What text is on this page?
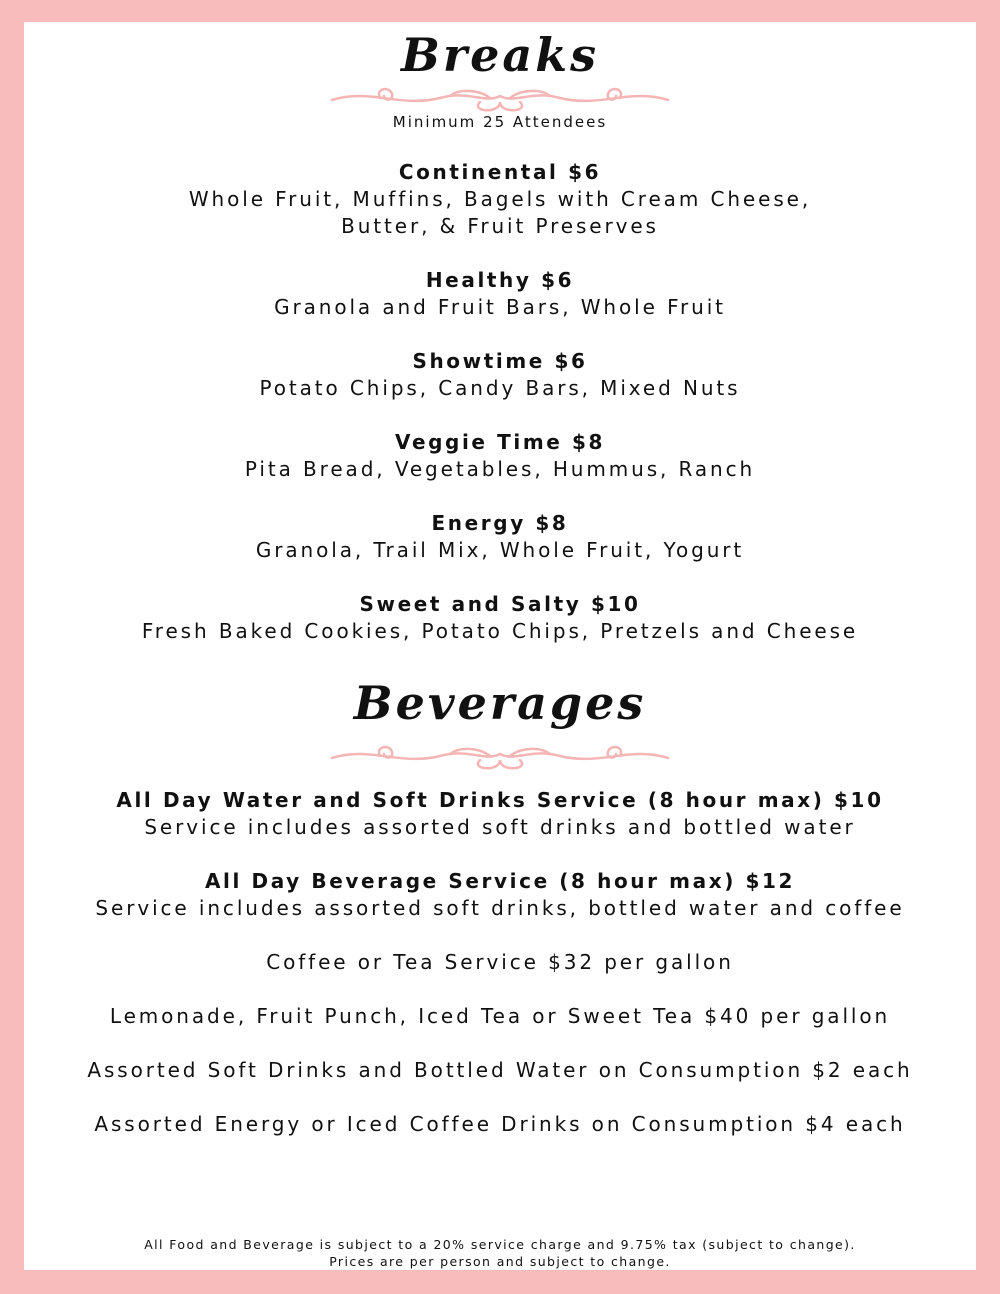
Breaks
Minimum 25 Attendees
Continental $6
Whole Fruit, Muffins, Bagels with Cream Cheese,
Butter, & Fruit Preserves
Healthy $6
Granola and Fruit Bars, Whole Fruit
Showtime $6
Potato Chips, Candy Bars, Mixed Nuts
Veggie Time $8
Pita Bread, Vegetables, Hummus, Ranch
Energy $8
Granola, Trail Mix, Whole Fruit, Yogurt
Sweet and Salty $10
Fresh Baked Cookies, Potato Chips, Pretzels and Cheese
Beverages
All Day Water and Soft Drinks Service (8 hour max) $10
Service includes assorted soft drinks and bottled water
All Day Beverage Service (8 hour max) $12
Service includes assorted soft drinks, bottled water and coffee
Coffee or Tea Service $32 per gallon
Lemonade, Fruit Punch, Iced Tea or Sweet Tea $40 per gallon
Assorted Soft Drinks and Bottled Water on Consumption $2 each
Assorted Energy or Iced Coffee Drinks on Consumption $4 each
All Food and Beverage is subject to a 20% service charge and 9.75% tax (subject to change).
Prices are per person and subject to change.
